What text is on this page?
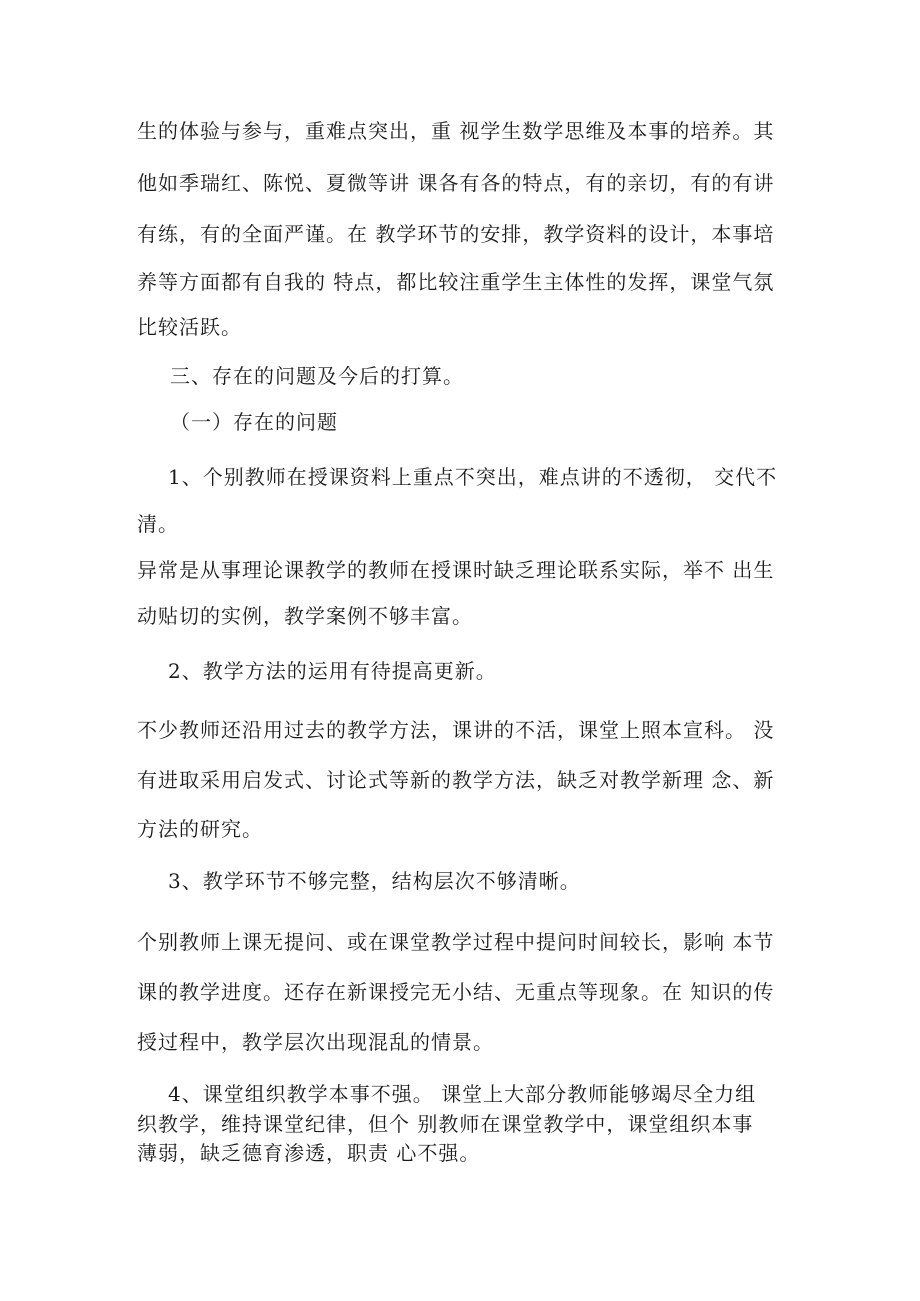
生的体验与参与，重难点突出，重 视学生数学思维及本事的培养。其
他如季瑞红、陈悦、夏微等讲 课各有各的特点，有的亲切，有的有讲
有练，有的全面严谨。在 教学环节的安排，教学资料的设计，本事培
养等方面都有自我的 特点，都比较注重学生主体性的发挥，课堂气氛
比较活跃。
三、存在的问题及今后的打算。
（一）存在的问题
1、个别教师在授课资料上重点不突出，难点讲的不透彻， 交代不
清。
异常是从事理论课教学的教师在授课时缺乏理论联系实际，举不 出生
动贴切的实例，教学案例不够丰富。
2、教学方法的运用有待提高更新。
不少教师还沿用过去的教学方法，课讲的不活，课堂上照本宣科。 没
有进取采用启发式、讨论式等新的教学方法，缺乏对教学新理 念、新
方法的研究。
3、教学环节不够完整，结构层次不够清晰。
个别教师上课无提问、或在课堂教学过程中提问时间较长，影响 本节
课的教学进度。还存在新课授完无小结、无重点等现象。在 知识的传
授过程中，教学层次出现混乱的情景。
4、课堂组织教学本事不强。 课堂上大部分教师能够竭尽全力组
织教学，维持课堂纪律，但个 别教师在课堂教学中，课堂组织本事
薄弱，缺乏德育渗透，职责 心不强。
